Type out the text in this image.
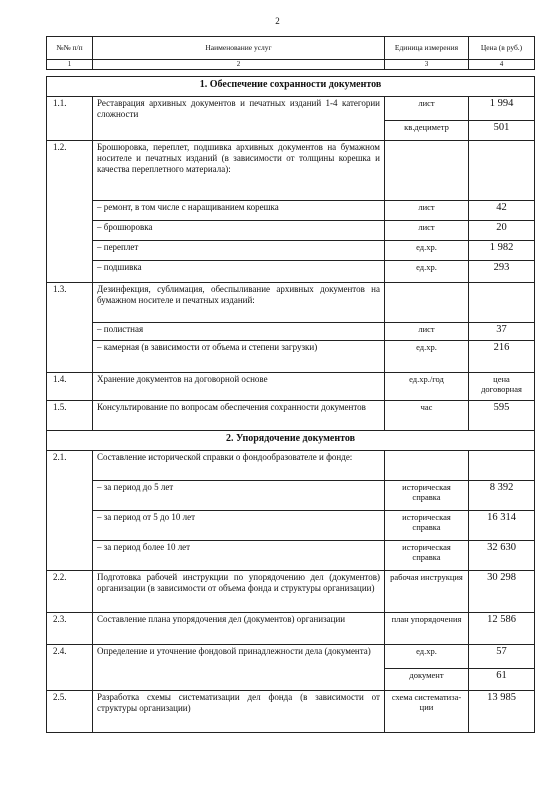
2
№№ п/п	Наименование услуг	Единица измерения	Цена (в руб.)
1	2	3	4
1. Обеспечение сохранности документов			
1.1.	Реставрация архивных документов и печатных изданий 1-4 категории сложности	лист	1 994
		кв.дециметр	501
1.2.	Брошюровка, переплет, подшивка архивных документов на бумажном носителе и печатных изданий (в зависимости от толщины корешка и качества переплетного материала):		
	– ремонт, в том числе с наращиванием корешка	лист	42
	– брошюровка	лист	20
	– переплет	ед.хр.	1 982
	– подшивка	ед.хр.	293
1.3.	Дезинфекция, сублимация, обеспыливание архивных документов на бумажном носителе и печатных изданий:		
	– полистная	лист	37
	– камерная (в зависимости от объема и степени загрузки)	ед.хр.	216
1.4.	Хранение документов на договорной основе	ед.хр./год	цена договорная
1.5.	Консультирование по вопросам обеспечения сохранности документов	час	595
2. Упорядочение документов			
2.1.	Составление исторической справки о фондообразователе и фонде:		
	– за период до 5 лет	историческая справка	8 392
	– за период от 5 до 10 лет	историческая справка	16 314
	– за период более 10 лет	историческая справка	32 630
2.2.	Подготовка рабочей инструкции по упорядочению дел (документов) организации (в зависимости от объема фонда и структуры организации)	рабочая инструкция	30 298
2.3.	Составление плана упорядочения дел (документов) организации	план упорядочения	12 586
2.4.	Определение и уточнение фондовой принадлежности дела (документа)	ед.хр.	57
		документ	61
2.5.	Разработка схемы систематизации дел фонда (в зависимости от структуры организации)	схема систематиза-ции	13 985
